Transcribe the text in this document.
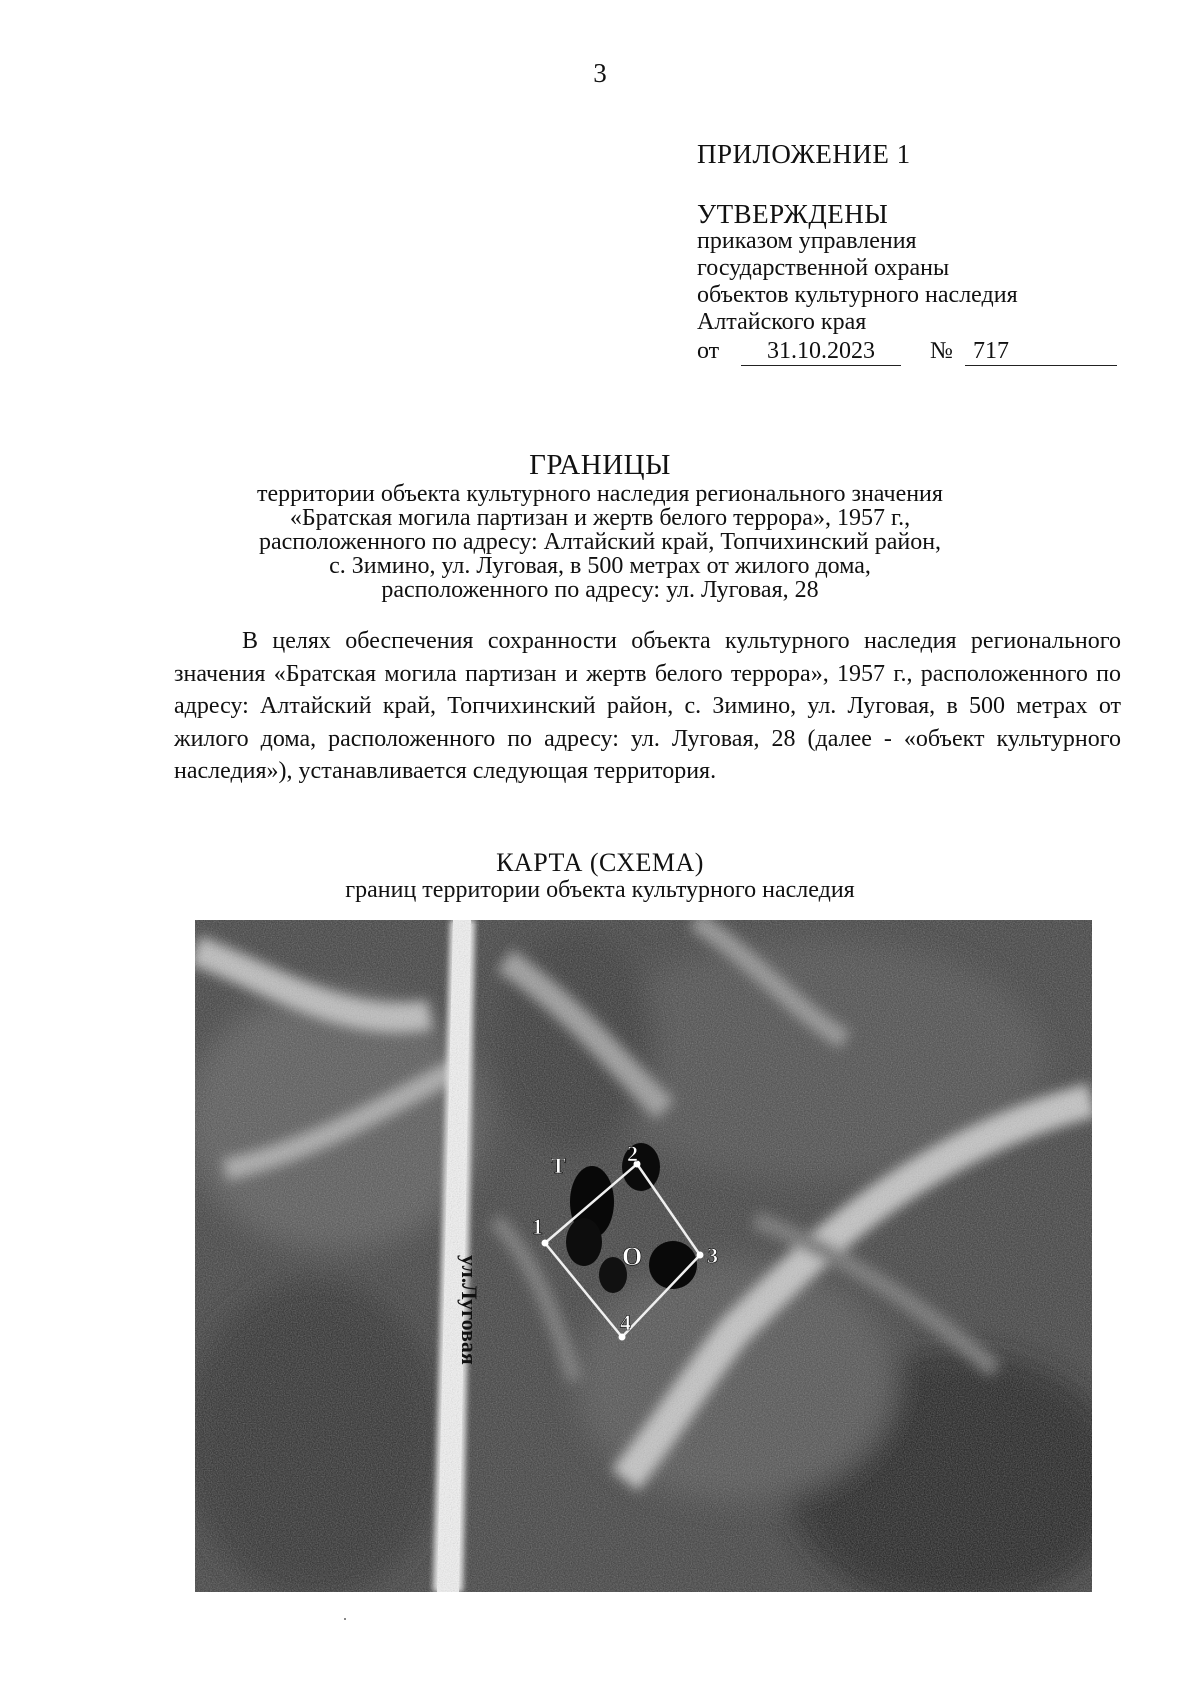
3
ПРИЛОЖЕНИЕ 1
УТВЕРЖДЕНЫ
приказом управления
государственной охраны
объектов культурного наследия
Алтайского края
от	31.10.2023	№ 717
ГРАНИЦЫ
территории объекта культурного наследия регионального значения
«Братская могила партизан и жертв белого террора», 1957 г.,
расположенного по адресу: Алтайский край, Топчихинский район,
с. Зимино, ул. Луговая, в 500 метрах от жилого дома,
расположенного по адресу: ул. Луговая, 28
В целях обеспечения сохранности объекта культурного наследия регионального значения «Братская могила партизан и жертв белого террора», 1957 г., расположенного по адресу: Алтайский край, Топчихинский район, с. Зимино, ул. Луговая, в 500 метрах от жилого дома, расположенного по адресу: ул. Луговая, 28 (далее - «объект культурного наследия»), устанавливается следующая территория.
КАРТА (СХЕМА)
границ территории объекта культурного наследия
1
2
3
4
Т
О
ул.Луговая
